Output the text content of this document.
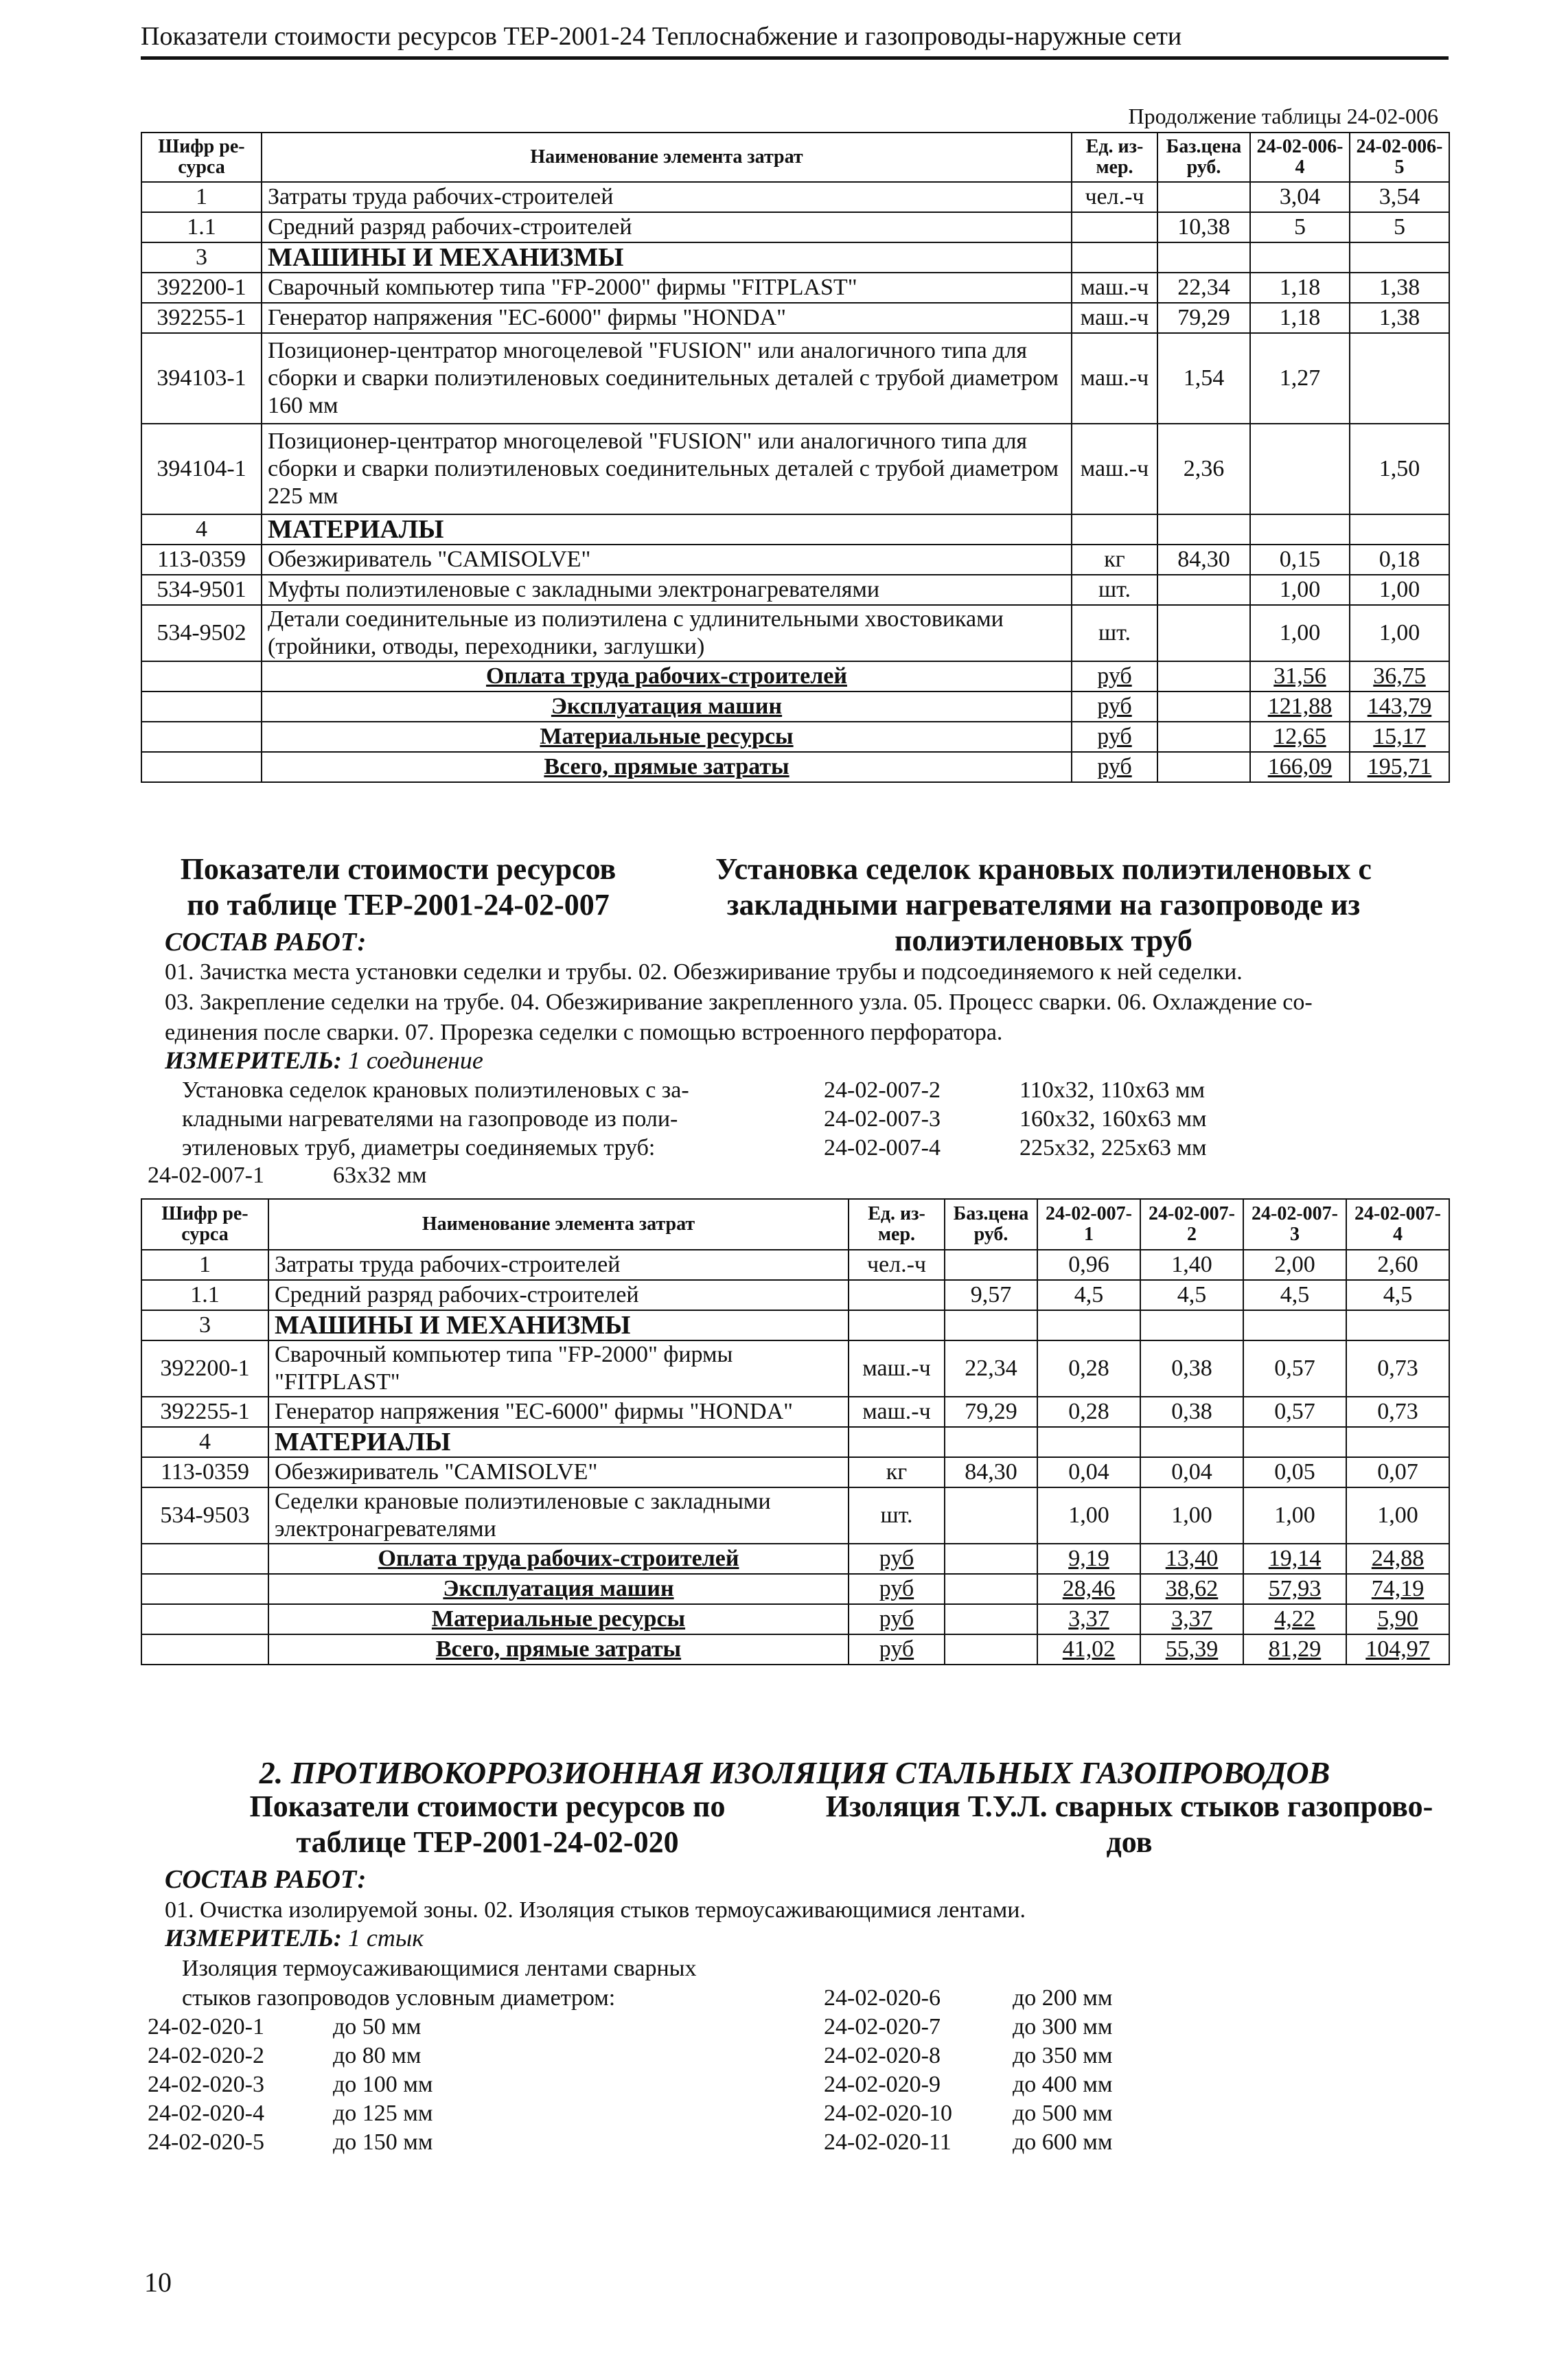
Показатели стоимости ресурсов ТЕР-2001-24 Теплоснабжение и газопроводы-наружные сети
Продолжение таблицы 24-02-006
Шифр ре-сурса	Наименование элемента затрат	Ед. из-мер.	Баз.цена руб.	24-02-006-4	24-02-006-5
1	Затраты труда рабочих-строителей	чел.-ч		3,04	3,54
1.1	Средний разряд рабочих-строителей		10,38	5	5
3	МАШИНЫ И МЕХАНИЗМЫ				
392200-1	Сварочный компьютер типа "FP-2000" фирмы "FITPLAST"	маш.-ч	22,34	1,18	1,38
392255-1	Генератор напряжения "EC-6000" фирмы "HONDA"	маш.-ч	79,29	1,18	1,38
394103-1	Позиционер-центратор многоцелевой "FUSION" или аналогичного типа для сборки и сварки полиэтиленовых соединительных деталей с трубой диаметром 160 мм	маш.-ч	1,54	1,27	
394104-1	Позиционер-центратор многоцелевой "FUSION" или аналогичного типа для сборки и сварки полиэтиленовых соединительных деталей с трубой диаметром 225 мм	маш.-ч	2,36		1,50
4	МАТЕРИАЛЫ				
113-0359	Обезжириватель "CAMISOLVE"	кг	84,30	0,15	0,18
534-9501	Муфты полиэтиленовые с закладными электронагревателями	шт.		1,00	1,00
534-9502	Детали соединительные из полиэтилена с удлинительными хвостовиками (тройники, отводы, переходники, заглушки)	шт.		1,00	1,00
	Оплата труда рабочих-строителей	руб		31,56	36,75
	Эксплуатация машин	руб		121,88	143,79
	Материальные ресурсы	руб		12,65	15,17
	Всего, прямые затраты	руб		166,09	195,71
Показатели стоимости ресурсов по таблице ТЕР-2001-24-02-007
Установка седелок крановых полиэтиленовых с закладными нагревателями на газопроводе из полиэтиленовых труб
СОСТАВ РАБОТ:
01. Зачистка места установки седелки и трубы. 02. Обезжиривание трубы и подсоединяемого к ней седелки.
03. Закрепление седелки на трубе. 04. Обезжиривание закрепленного узла. 05. Процесс сварки. 06. Охлаждение со-
единения после сварки. 07. Прорезка седелки с помощью встроенного перфоратора.
ИЗМЕРИТЕЛЬ: 1 соединение
Установка седелок крановых полиэтиленовых с за-
кладными нагревателями на газопроводе из поли-
этиленовых труб, диаметры соединяемых труб:
24-02-007-1	63x32 мм
24-02-007-2	110x32, 110x63 мм
24-02-007-3	160x32, 160x63 мм
24-02-007-4	225x32, 225x63 мм
Шифр ре-сурса	Наименование элемента затрат	Ед. из-мер.	Баз.цена руб.	24-02-007-1	24-02-007-2	24-02-007-3	24-02-007-4
1	Затраты труда рабочих-строителей	чел.-ч		0,96	1,40	2,00	2,60
1.1	Средний разряд рабочих-строителей		9,57	4,5	4,5	4,5	4,5
3	МАШИНЫ И МЕХАНИЗМЫ						
392200-1	Сварочный компьютер типа "FP-2000" фирмы "FITPLAST"	маш.-ч	22,34	0,28	0,38	0,57	0,73
392255-1	Генератор напряжения "EC-6000" фирмы "HONDA"	маш.-ч	79,29	0,28	0,38	0,57	0,73
4	МАТЕРИАЛЫ						
113-0359	Обезжириватель "CAMISOLVE"	кг	84,30	0,04	0,04	0,05	0,07
534-9503	Седелки крановые полиэтиленовые с закладными электронагревателями	шт.		1,00	1,00	1,00	1,00
	Оплата труда рабочих-строителей	руб		9,19	13,40	19,14	24,88
	Эксплуатация машин	руб		28,46	38,62	57,93	74,19
	Материальные ресурсы	руб		3,37	3,37	4,22	5,90
	Всего, прямые затраты	руб		41,02	55,39	81,29	104,97
2. ПРОТИВОКОРРОЗИОННАЯ ИЗОЛЯЦИЯ СТАЛЬНЫХ ГАЗОПРОВОДОВ
Показатели стоимости ресурсов по таблице ТЕР-2001-24-02-020
Изоляция Т.У.Л. сварных стыков газопрово-дов
СОСТАВ РАБОТ:
01. Очистка изолируемой зоны. 02. Изоляция стыков термоусаживающимися лентами.
ИЗМЕРИТЕЛЬ: 1 стык
Изоляция термоусаживающимися лентами сварных
стыков газопроводов условным диаметром:
24-02-020-1	до 50 мм
24-02-020-2	до 80 мм
24-02-020-3	до 100 мм
24-02-020-4	до 125 мм
24-02-020-5	до 150 мм
24-02-020-6	до 200 мм
24-02-020-7	до 300 мм
24-02-020-8	до 350 мм
24-02-020-9	до 400 мм
24-02-020-10	до 500 мм
24-02-020-11	до 600 мм
10
